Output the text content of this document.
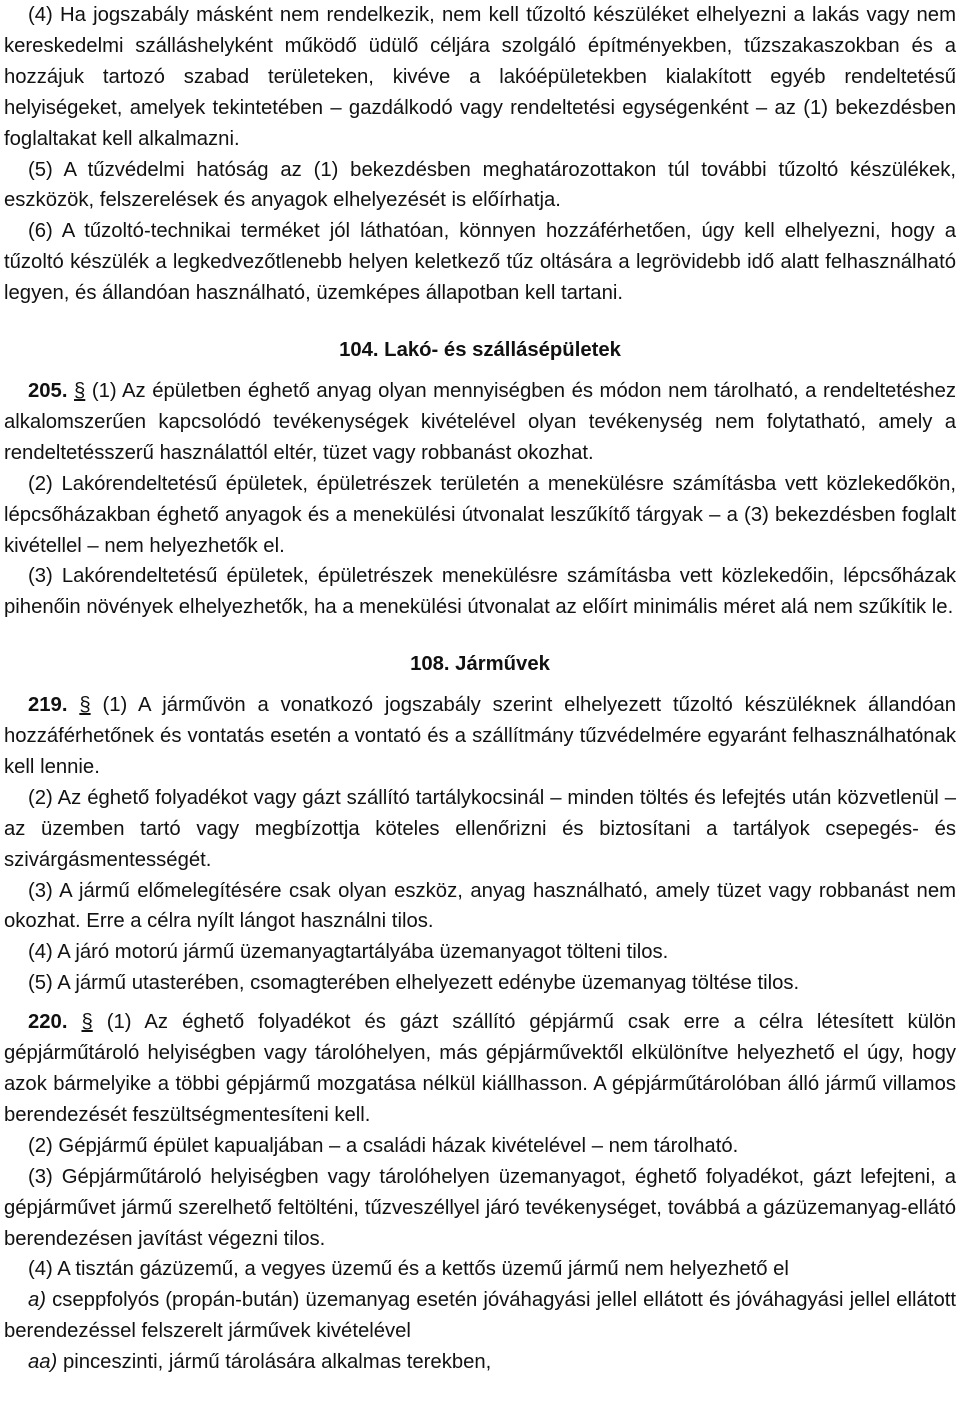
(4) Ha jogszabály másként nem rendelkezik, nem kell tűzoltó készüléket elhelyezni a lakás vagy nem kereskedelmi szálláshelyként működő üdülő céljára szolgáló építményekben, tűzszakaszokban és a hozzájuk tartozó szabad területeken, kivéve a lakóépületekben kialakított egyéb rendeltetésű helyiségeket, amelyek tekintetében – gazdálkodó vagy rendeltetési egységenként – az (1) bekezdésben foglaltakat kell alkalmazni.

(5) A tűzvédelmi hatóság az (1) bekezdésben meghatározottakon túl további tűzoltó készülékek, eszközök, felszerelések és anyagok elhelyezését is előírhatja.

(6) A tűzoltó-technikai terméket jól láthatóan, könnyen hozzáférhetően, úgy kell elhelyezni, hogy a tűzoltó készülék a legkedvezőtlenebb helyen keletkező tűz oltására a legrövidebb idő alatt felhasználható legyen, és állandóan használható, üzemképes állapotban kell tartani.

104. Lakó- és szállásépületek

205. § (1) Az épületben éghető anyag olyan mennyiségben és módon nem tárolható, a rendeltetéshez alkalomszerűen kapcsolódó tevékenységek kivételével olyan tevékenység nem folytatható, amely a rendeltetésszerű használattól eltér, tüzet vagy robbanást okozhat.

(2) Lakórendeltetésű épületek, épületrészek területén a menekülésre számításba vett közlekedőkön, lépcsőházakban éghető anyagok és a menekülési útvonalat leszűkítő tárgyak – a (3) bekezdésben foglalt kivétellel – nem helyezhetők el.

(3) Lakórendeltetésű épületek, épületrészek menekülésre számításba vett közlekedőin, lépcsőházak pihenőin növények elhelyezhetők, ha a menekülési útvonalat az előírt minimális méret alá nem szűkítik le.

108. Járművek

219. § (1) A járművön a vonatkozó jogszabály szerint elhelyezett tűzoltó készüléknek állandóan hozzáférhetőnek és vontatás esetén a vontató és a szállítmány tűzvédelmére egyaránt felhasználhatónak kell lennie.

(2) Az éghető folyadékot vagy gázt szállító tartálykocsinál – minden töltés és lefejtés után közvetlenül – az üzemben tartó vagy megbízottja köteles ellenőrizni és biztosítani a tartályok csepegés- és szivárgásmentességét.

(3) A jármű előmelegítésére csak olyan eszköz, anyag használható, amely tüzet vagy robbanást nem okozhat. Erre a célra nyílt lángot használni tilos.

(4) A járó motorú jármű üzemanyagtartályába üzemanyagot tölteni tilos.

(5) A jármű utasterében, csomagterében elhelyezett edénybe üzemanyag töltése tilos.

220. § (1) Az éghető folyadékot és gázt szállító gépjármű csak erre a célra létesített külön gépjárműtároló helyiségben vagy tárolóhelyen, más gépjárművektől elkülönítve helyezhető el úgy, hogy azok bármelyike a többi gépjármű mozgatása nélkül kiállhasson. A gépjárműtárolóban álló jármű villamos berendezését feszültségmentesíteni kell.

(2) Gépjármű épület kapualjában – a családi házak kivételével – nem tárolható.

(3) Gépjárműtároló helyiségben vagy tárolóhelyen üzemanyagot, éghető folyadékot, gázt lefejteni, a gépjárművet jármű szerelhető feltölténi, tűzveszéllyel járó tevékenységet, továbbá a gázüzemanyag-ellátó berendezésen javítást végezni tilos.

(4) A tisztán gázüzemű, a vegyes üzemű és a kettős üzemű jármű nem helyezhető el

a) cseppfolyós (propán-bután) üzemanyag esetén jóváhagyási jellel ellátott és jóváhagyási jellel ellátott berendezéssel felszerelt járművek kivételével

aa) pinceszinti, jármű tárolására alkalmas terekben,
